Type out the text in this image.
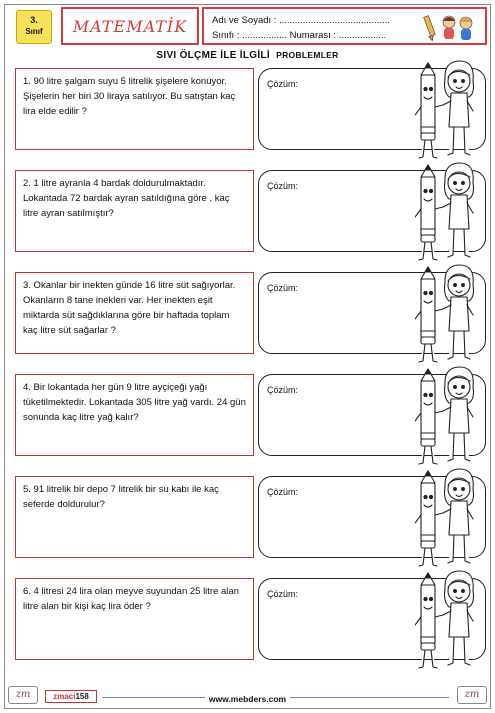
3.
Sınıf	MATEMATİK	Adı ve Soyadı : ..........................................
Sınıfı : ................. Numarası : ..................
SIVI ÖLÇME İLE İLGİLİ PROBLEMLER
1. 90 litre şalgam suyu 5 litrelik şişelere konuyor. Şişelerin her biri 30 liraya satılıyor. Bu satıştan kaç lira elde edilir ?
Çözüm:
2. 1 litre ayranla 4 bardak doldurulmaktadır. Lokantada 72 bardak ayran satıldığına göre , kaç litre ayran satılmıştır?
Çözüm:
3. Okanlar bir inekten günde 16 litre süt sağıyorlar. Okanların 8 tane inekleri var. Her inekten eşit miktarda süt sağdıklarına göre bir haftada toplam kaç litre süt sağarlar ?
Çözüm:
4. Bir lokantada her gün 9 litre ayçiçeği yağı tüketilmektedir. Lokantada 305 litre yağ vardı. 24 gün sonunda kaç litre yağ kalır?
Çözüm:
5. 91 litrelik bir depo 7 litrelik bir su kabı ile kaç seferde doldurulur?
Çözüm:
6. 4 litresi 24 lira olan meyve suyundan 25 litre alan litre alan bir kişi kaç lira öder ?
Çözüm:
zm	zmaci158	www.mebders.com	zm
